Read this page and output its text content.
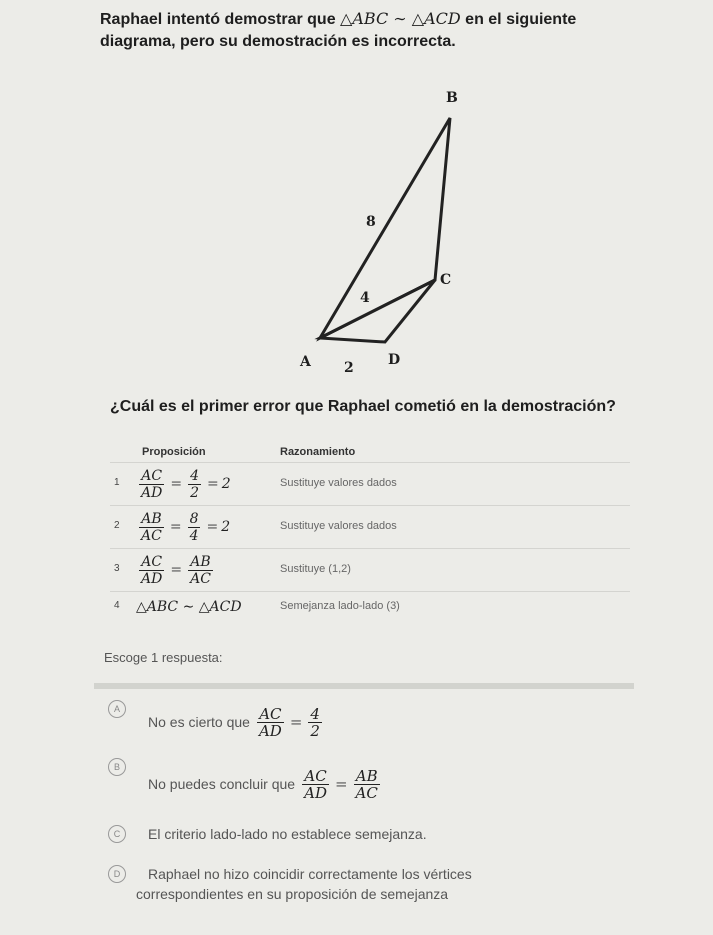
Raphael intentó demostrar que △ABC ∼ △ACD en el siguiente
diagrama, pero su demostración es incorrecta.
B
C
A	D
8
4
2
¿Cuál es el primer error que Raphael cometió en la demostración?
Proposición	Razonamiento
$1 \frac{AC}{AD} = \frac{4}{2} = 2$	Sustituye valores dados
$2 \frac{AB}{AC} = \frac{8}{4} = 2$	Sustituye valores dados
$3 \frac{AC}{AD} = \frac{AB}{AC}$	Sustituye (1,2)
4 △ABC ∼ △ACD	Semejanza lado-lado (3)
Escoge 1 respuesta:
A
No es cierto que $\frac{AC}{AD} = \frac{4}{2}$
B
No puedes concluir que $\frac{AC}{AD} = \frac{AB}{AC}$
C	El criterio lado-lado no establece semejanza.
D	Raphael no hizo coincidir correctamente los vértices
correspondientes en su proposición de semejanza
